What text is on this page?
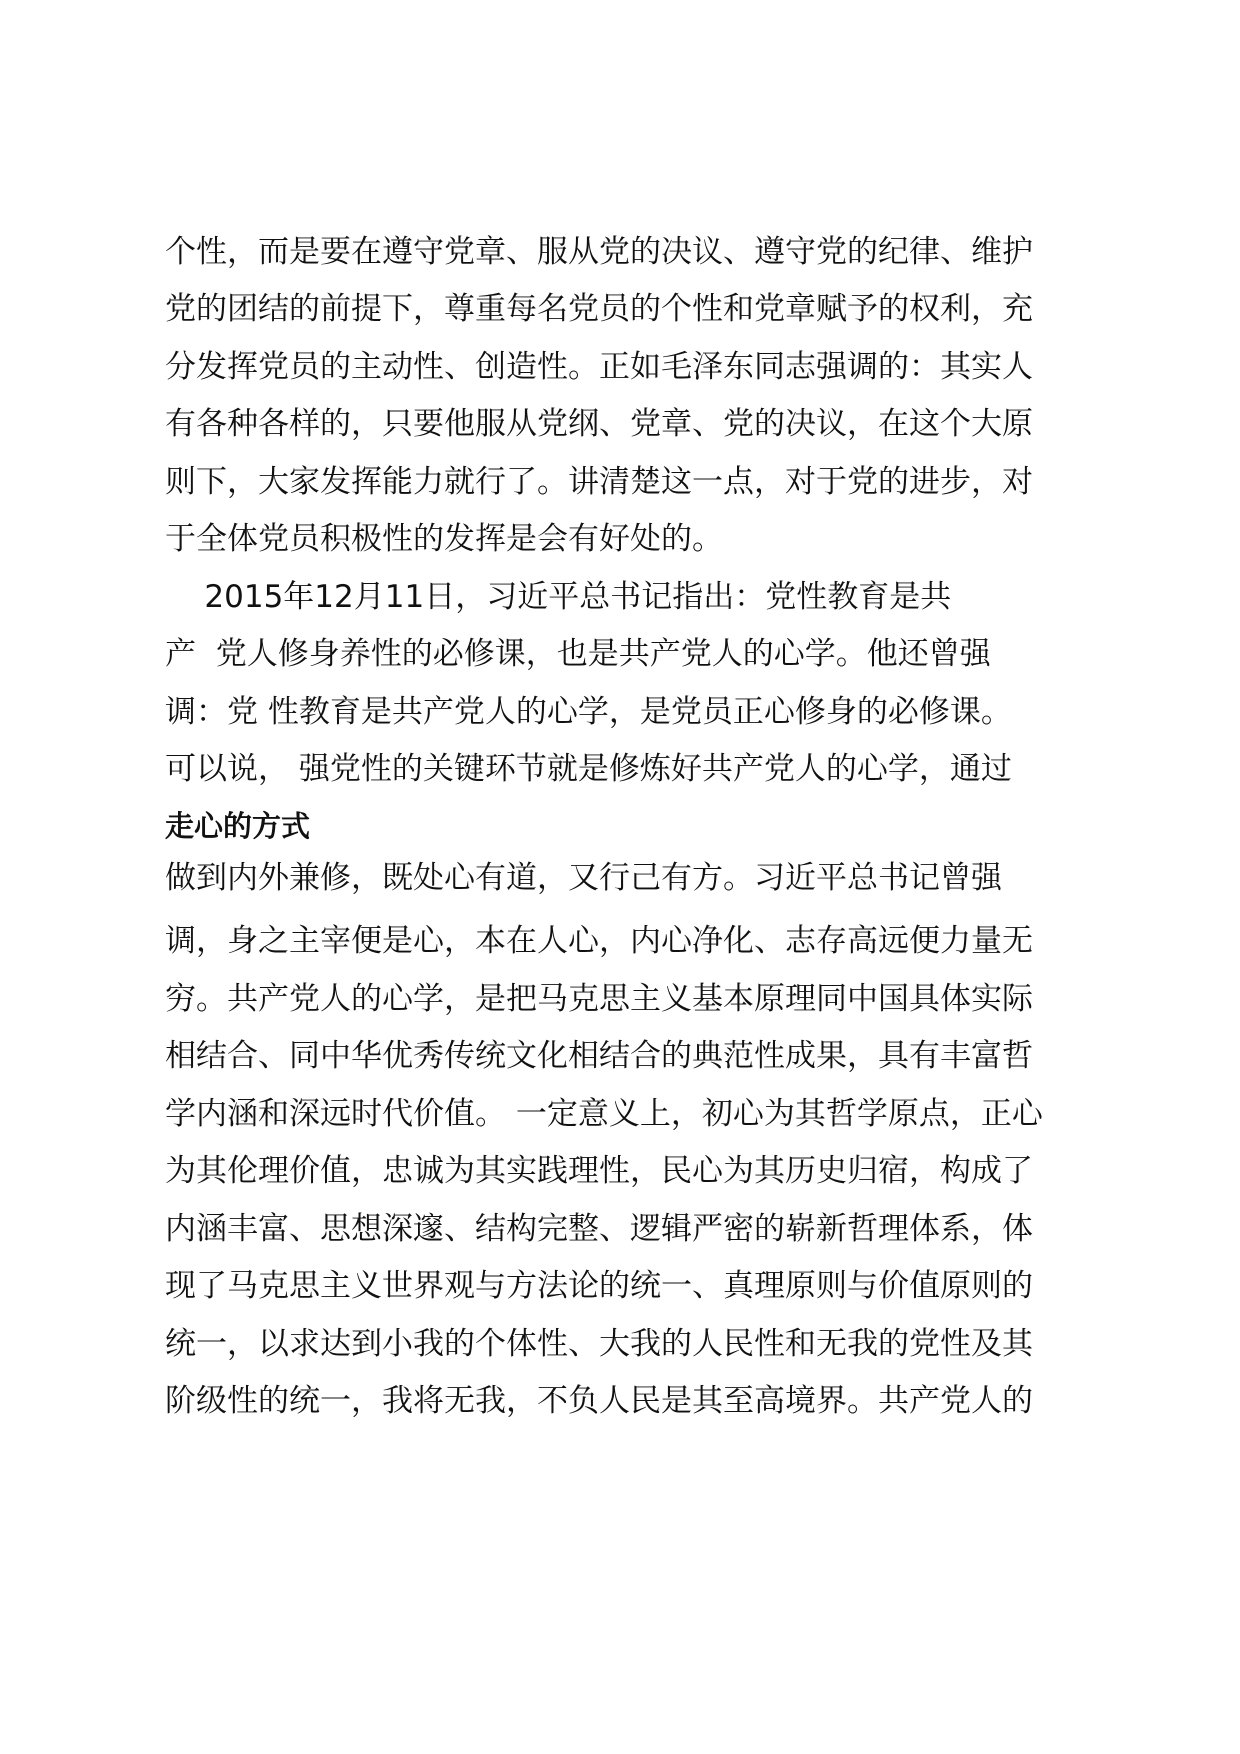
个性，而是要在遵守党章、服从党的决议、遵守党的纪律、维护
党的团结的前提下，尊重每名党员的个性和党章赋予的权利，充
分发挥党员的主动性、创造性。正如毛泽东同志强调的：其实人
有各种各样的，只要他服从党纲、党章、党的决议，在这个大原
则下，大家发挥能力就行了。讲清楚这一点，对于党的进步，对
于全体党员积极性的发挥是会有好处的。
2015年12月11日，习近平总书记指出：党性教育是共
产  党人修身养性的必修课，也是共产党人的心学。他还曾强
调：党 性教育是共产党人的心学，是党员正心修身的必修课。
可以说， 强党性的关键环节就是修炼好共产党人的心学，通过
走心的方式
做到内外兼修，既处心有道，又行己有方。习近平总书记曾强
调，身之主宰便是心，本在人心，内心净化、志存高远便力量无
穷。共产党人的心学，是把马克思主义基本原理同中国具体实际
相结合、同中华优秀传统文化相结合的典范性成果，具有丰富哲
学内涵和深远时代价值。 一定意义上，初心为其哲学原点，正心
为其伦理价值，忠诚为其实践理性，民心为其历史归宿，构成了
内涵丰富、思想深邃、结构完整、逻辑严密的崭新哲理体系，体
现了马克思主义世界观与方法论的统一、真理原则与价值原则的
统一，以求达到小我的个体性、大我的人民性和无我的党性及其
阶级性的统一，我将无我，不负人民是其至高境界。共产党人的
